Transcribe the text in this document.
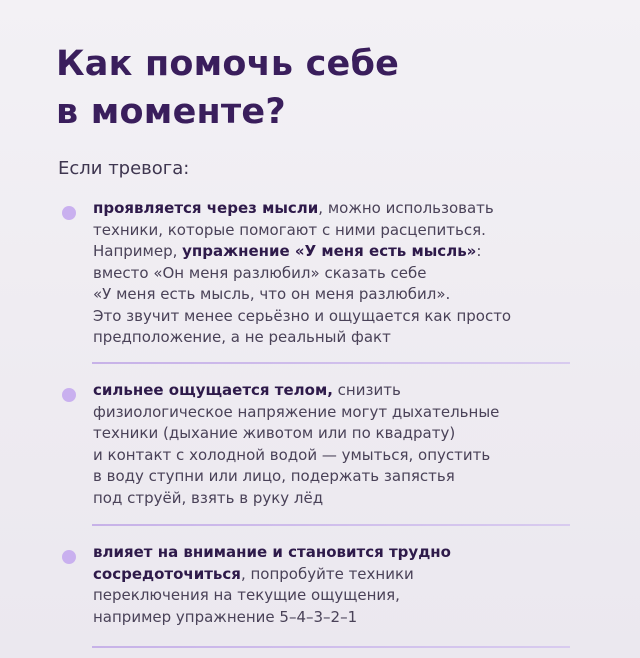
Как помочь себе
в моменте?

Если тревога:

проявляется через мысли, можно использовать
техники, которые помогают с ними расцепиться.
Например, упражнение «У меня есть мысль»:
вместо «Он меня разлюбил» сказать себе
«У меня есть мысль, что он меня разлюбил».
Это звучит менее серьёзно и ощущается как просто
предположение, а не реальный факт
сильнее ощущается телом, снизить
физиологическое напряжение могут дыхательные
техники (дыхание животом или по квадрату)
и контакт с холодной водой — умыться, опустить
в воду ступни или лицо, подержать запястья
под струёй, взять в руку лёд
влияет на внимание и становится трудно
сосредоточиться, попробуйте техники
переключения на текущие ощущения,
например упражнение 5–4–3–2–1
